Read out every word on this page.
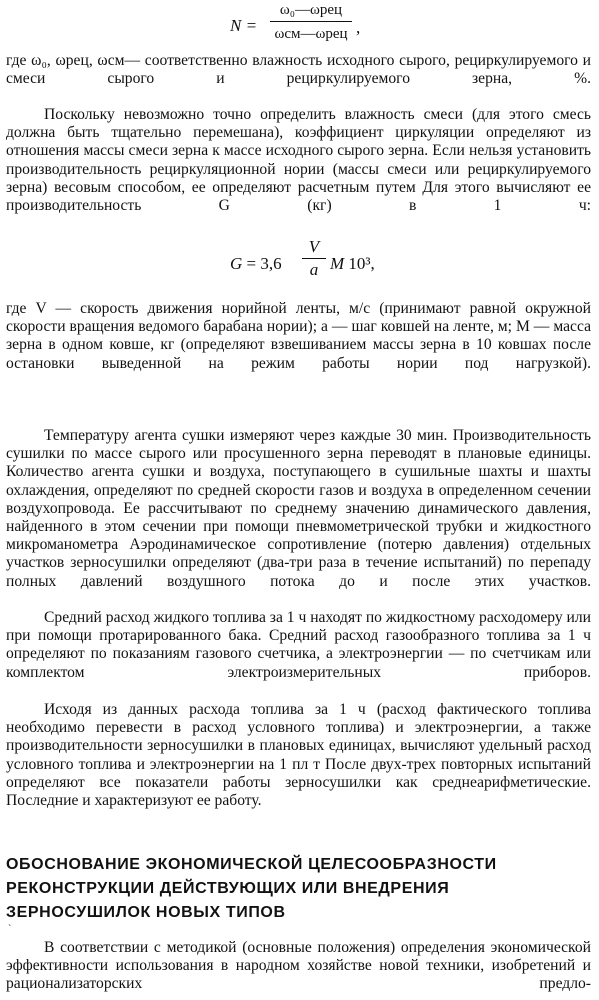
N =
ω₀—ωрец
ωсм—ωрец ,

где ω₀, ωрец, ωсм— соответственно влажность исходного сырого, рециркулируемого и смеси сырого и рециркулируемого зерна, %.

Поскольку невозможно точно определить влажность смеси (для этого смесь должна быть тщательно перемешана), коэффициент циркуляции определяют из отношения массы смеси зерна к массе исходного сырого зерна. Если нельзя установить производительность рециркуляционной нории (массы смеси или рециркулируемого зерна) весовым способом, ее определяют расчетным путем Для этого вычисляют ее производительность G (кг) в 1 ч:

G = 3,6
V
a M 10³,

где V — скорость движения норийной ленты, м/с (принимают равной окружной скорости вращения ведомого барабана нории); a — шаг ковшей на ленте, м; M — масса зерна в одном ковше, кг (определяют взвешиванием массы зерна в 10 ковшах после остановки выведенной на режим работы нории под нагрузкой).

Температуру агента сушки измеряют через каждые 30 мин. Производительность сушилки по массе сырого или просушенного зерна переводят в плановые единицы. Количество агента сушки и воздуха, поступающего в сушильные шахты и шахты охлаждения, определяют по средней скорости газов и воздуха в определенном сечении воздухопровода. Ее рассчитывают по среднему значению динамического давления, найденного в этом сечении при помощи пневмометрической трубки и жидкостного микроманометра Аэродинамическое сопротивление (потерю давления) отдельных участков зерносушилки определяют (два-три раза в течение испытаний) по перепаду полных давлений воздушного потока до и после этих участков.

Средний расход жидкого топлива за 1 ч находят по жидкостному расходомеру или при помощи протарированного бака. Средний расход газообразного топлива за 1 ч определяют по показаниям газового счетчика, а электроэнергии — по счетчикам или комплектом электроизмерительных приборов.

Исходя из данных расхода топлива за 1 ч (расход фактического топлива необходимо перевести в расход условного топлива) и электроэнергии, а также производительности зерносушилки в плановых единицах, вычисляют удельный расход условного топлива и электроэнергии на 1 пл т После двух-трех повторных испытаний определяют все показатели работы зерносушилки как среднеарифметические. Последние и характеризуют ее работу.

ОБОСНОВАНИЕ ЭКОНОМИЧЕСКОЙ ЦЕЛЕСООБРАЗНОСТИ РЕКОНСТРУКЦИИ ДЕЙСТВУЮЩИХ ИЛИ ВНЕДРЕНИЯ ЗЕРНОСУШИЛОК НОВЫХ ТИПОВ
`

В соответствии с методикой (основные положения) определения экономической эффективности использования в народном хозяйстве новой техники, изобретений и рационализаторских предло-
